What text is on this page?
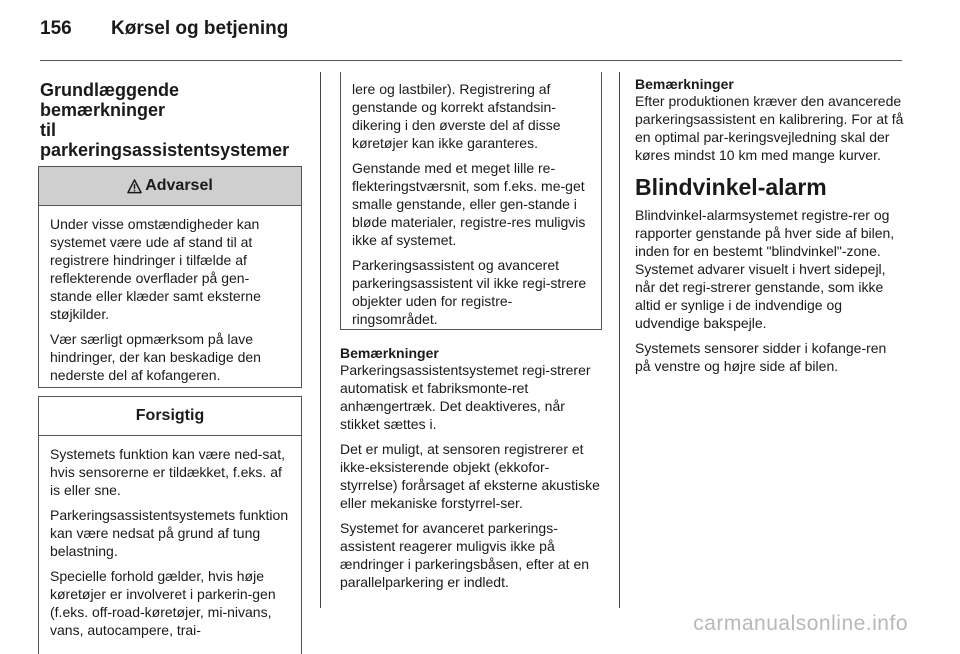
156 Kørsel og betjening
Grundlæggende bemærkninger
til parkeringsassistentsystemer
Advarsel

Under visse omstændigheder kan systemet være ude af stand til at registrere hindringer i tilfælde af reflekterende overflader på gen-stande eller klæder samt eksterne støjkilder.

Vær særligt opmærksom på lave hindringer, der kan beskadige den nederste del af kofangeren.

Forsigtig

Systemets funktion kan være ned-sat, hvis sensorerne er tildækket, f.eks. af is eller sne.

Parkeringsassistentsystemets funktion kan være nedsat på grund af tung belastning.

Specielle forhold gælder, hvis høje køretøjer er involveret i parkerin-gen (f.eks. off-road-køretøjer, mi-nivans, vans, autocampere, trai-

lere og lastbiler). Registrering af genstande og korrekt afstandsin-dikering i den øverste del af disse køretøjer kan ikke garanteres.

Genstande med et meget lille re-flekteringstværsnit, som f.eks. me-get smalle genstande, eller gen-stande i bløde materialer, registre-res muligvis ikke af systemet.

Parkeringsassistent og avanceret parkeringsassistent vil ikke regi-strere objekter uden for registre-ringsområdet.

Bemærkninger

Parkeringsassistentsystemet regi-strerer automatisk et fabriksmonte-ret anhængertræk. Det deaktiveres, når stikket sættes i.

Det er muligt, at sensoren registrerer et ikke-eksisterende objekt (ekkofor-styrrelse) forårsaget af eksterne akustiske eller mekaniske forstyrrel-ser.

Systemet for avanceret parkerings-assistent reagerer muligvis ikke på ændringer i parkeringsbåsen, efter at en parallelparkering er indledt.

Bemærkninger

Efter produktionen kræver den avancerede parkeringsassistent en kalibrering. For at få en optimal par-keringsvejledning skal der køres mindst 10 km med mange kurver.

Blindvinkel-alarm

Blindvinkel-alarmsystemet registre-rer og rapporter genstande på hver side af bilen, inden for en bestemt "blindvinkel"-zone. Systemet advarer visuelt i hvert sidepejl, når det regi-strerer genstande, som ikke altid er synlige i de indvendige og udvendige bakspejle.

Systemets sensorer sidder i kofange-ren på venstre og højre side af bilen.

carmanualsonline.info
